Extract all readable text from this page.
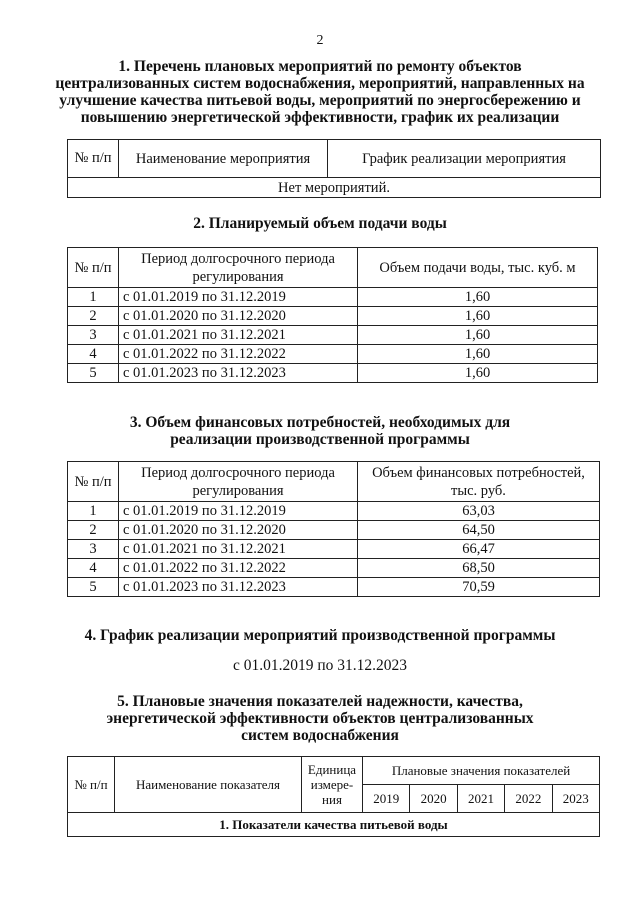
2
1. Перечень плановых мероприятий по ремонту объектов
централизованных систем водоснабжения, мероприятий, направленных на
улучшение качества питьевой воды, мероприятий по энергосбережению и
повышению энергетической эффективности, график их реализации
№ п/п	Наименование мероприятия	График реализации мероприятия
Нет мероприятий.
2. Планируемый объем подачи воды
№ п/п	Период долгосрочного периода регулирования	Объем подачи воды, тыс. куб. м
1	с 01.01.2019 по 31.12.2019	1,60
2	с 01.01.2020 по 31.12.2020	1,60
3	с 01.01.2021 по 31.12.2021	1,60
4	с 01.01.2022 по 31.12.2022	1,60
5	с 01.01.2023 по 31.12.2023	1,60
3. Объем финансовых потребностей, необходимых для
реализации производственной программы
№ п/п	Период долгосрочного периода регулирования	Объем финансовых потребностей, тыс. руб.
1	с 01.01.2019 по 31.12.2019	63,03
2	с 01.01.2020 по 31.12.2020	64,50
3	с 01.01.2021 по 31.12.2021	66,47
4	с 01.01.2022 по 31.12.2022	68,50
5	с 01.01.2023 по 31.12.2023	70,59
4. График реализации мероприятий производственной программы
с 01.01.2019 по 31.12.2023
5. Плановые значения показателей надежности, качества,
энергетической эффективности объектов централизованных
систем водоснабжения
№ п/п	Наименование показателя	Единица измере-ния	Плановые значения показателей				
			2019	2020	2021	2022	2023
1. Показатели качества питьевой воды							
